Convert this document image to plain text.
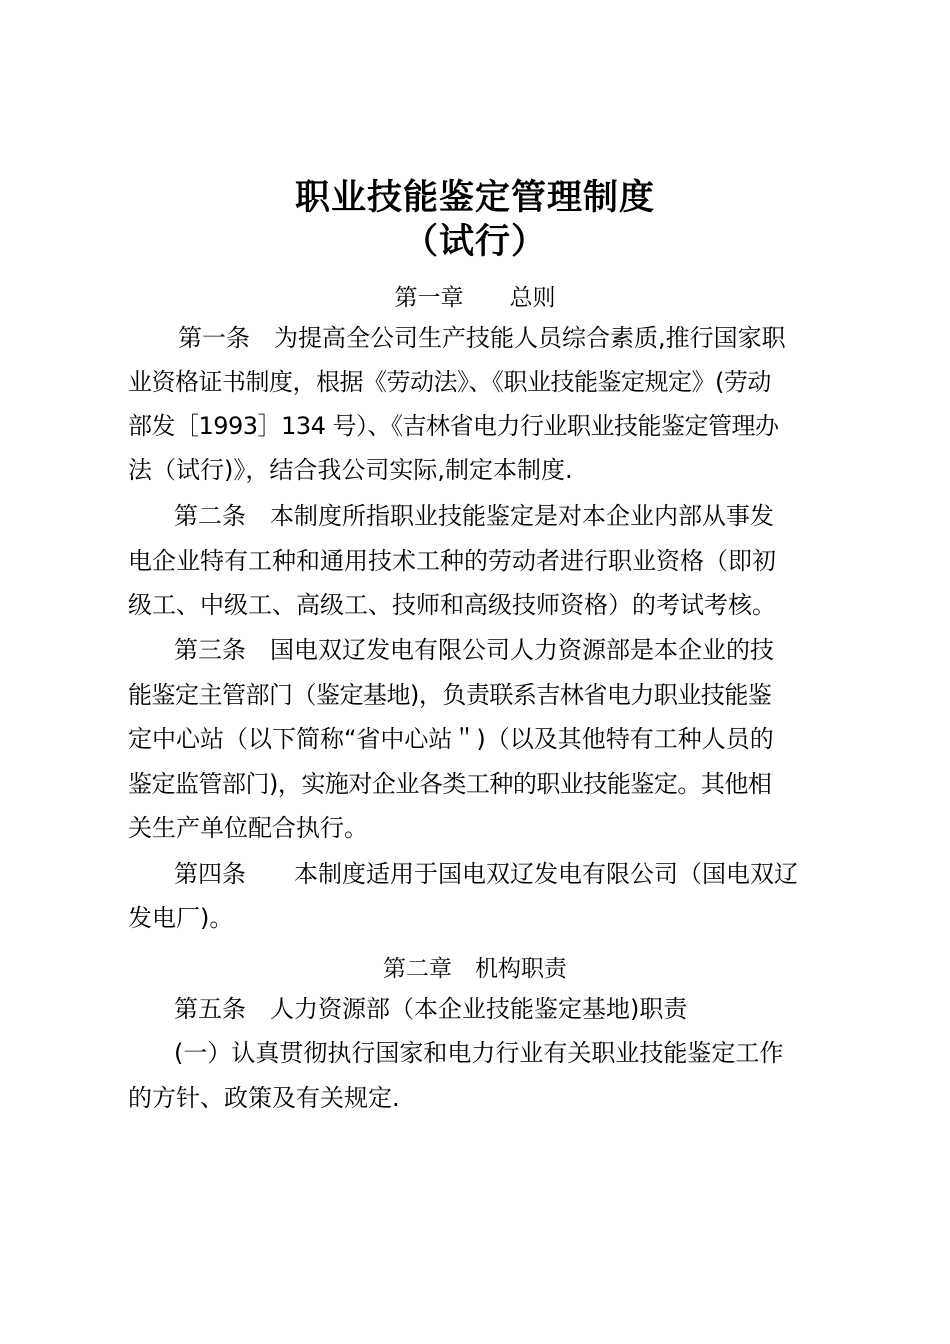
职业技能鉴定管理制度
（试行）
第一章　　总则
第一条　为提高全公司生产技能人员综合素质,推行国家职
业资格证书制度，根据《劳动法》、《职业技能鉴定规定》(劳动
部发［1993］134 号）、《吉林省电力行业职业技能鉴定管理办
法（试行)》，结合我公司实际,制定本制度.
第二条　本制度所指职业技能鉴定是对本企业内部从事发
电企业特有工种和通用技术工种的劳动者进行职业资格（即初
级工、中级工、高级工、技师和高级技师资格）的考试考核。
第三条　国电双辽发电有限公司人力资源部是本企业的技
能鉴定主管部门（鉴定基地)，负责联系吉林省电力职业技能鉴
定中心站（以下简称“省中心站＂)（以及其他特有工种人员的
鉴定监管部门)，实施对企业各类工种的职业技能鉴定。其他相
关生产单位配合执行。
第四条　　本制度适用于国电双辽发电有限公司（国电双辽
发电厂)。
第二章　机构职责
第五条　人力资源部（本企业技能鉴定基地)职责
(一）认真贯彻执行国家和电力行业有关职业技能鉴定工作
的方针、政策及有关规定.
